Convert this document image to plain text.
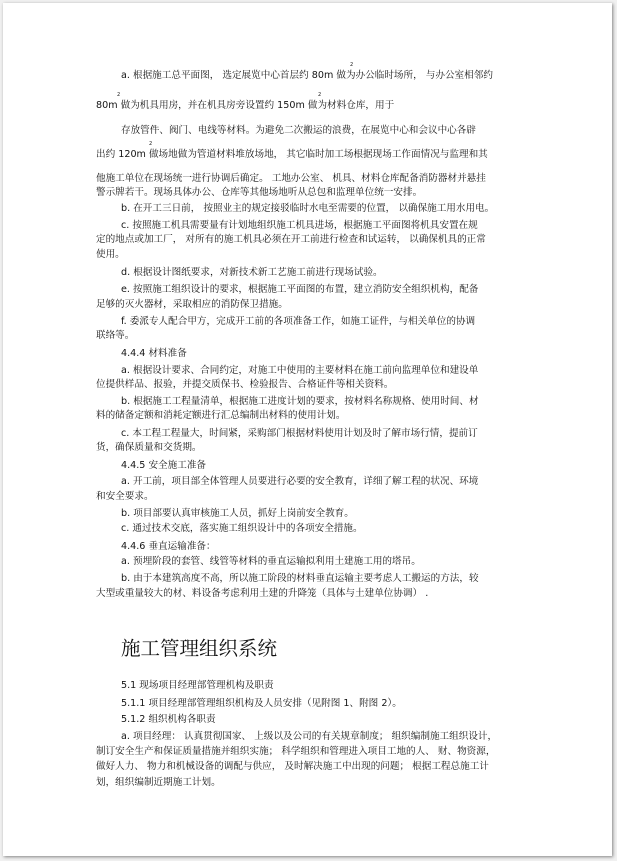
a. 根据施工总平面图， 选定展览中心首层约 80m 做为办公临时场所， 与办公室相邻约
80m 做为机具用房，并在机具房旁设置约 150m 做为材料仓库，用于
存放管件、阀门、电线等材料。为避免二次搬运的浪费，在展览中心和会议中心各辟
出约 120m 做场地做为管道材料堆放场地， 其它临时加工场根据现场工作面情况与监理和其
他施工单位在现场统一进行协调后确定。 工地办公室、 机具、材料仓库配备消防器材并悬挂
警示牌若干。现场具体办公、仓库等其他场地听从总包和监理单位统一安排。
b. 在开工三日前， 按照业主的规定接驳临时水电至需要的位置， 以确保施工用水用电。
c. 按照施工机具需要量有计划地组织施工机具进场，根据施工平面图将机具安置在规
定的地点或加工厂， 对所有的施工机具必须在开工前进行检查和试运转， 以确保机具的正常
使用。
d. 根据设计图纸要求，对新技术新工艺施工前进行现场试验。
e. 按照施工组织设计的要求，根据施工平面图的布置，建立消防安全组织机构，配备
足够的灭火器材，采取相应的消防保卫措施。
f. 委派专人配合甲方，完成开工前的各项准备工作，如施工证件，与相关单位的协调
联络等。
4.4.4 材料准备
a. 根据设计要求、合同约定，对施工中使用的主要材料在施工前向监理单位和建设单
位提供样品、报验，并提交质保书、检验报告、合格证件等相关资料。
b. 根据施工工程量清单，根据施工进度计划的要求，按材料名称规格、使用时间、材
料的储备定额和消耗定额进行汇总编制出材料的使用计划。
c. 本工程工程量大，时间紧，采购部门根据材料使用计划及时了解市场行情，提前订
货，确保质量和交货期。
4.4.5 安全施工准备
a. 开工前，项目部全体管理人员要进行必要的安全教育，详细了解工程的状况、环境
和安全要求。
b. 项目部要认真审核施工人员，抓好上岗前安全教育。
c. 通过技术交底，落实施工组织设计中的各项安全措施。
4.4.6 垂直运输准备：
a. 预埋阶段的套管、线管等材料的垂直运输拟利用土建施工用的塔吊。
b. 由于本建筑高度不高，所以施工阶段的材料垂直运输主要考虑人工搬运的方法，较
大型或重量较大的材、料设备考虑利用土建的升降笼（具体与土建单位协调） .
5.1 现场项目经理部管理机构及职责
5.1.1 项目经理部管理组织机构及人员安排（见附图 1、附图 2）。
5.1.2 组织机构各职责
a. 项目经理： 认真贯彻国家、 上级以及公司的有关规章制度； 组织编制施工组织设计，
制订安全生产和保证质量措施并组织实施； 科学组织和管理进入项目工地的人、 财、物资源，
做好人力、 物力和机械设备的调配与供应， 及时解决施工中出现的问题； 根据工程总施工计
划，组织编制近期施工计划。
2
2	2
2
施工管理组织系统
